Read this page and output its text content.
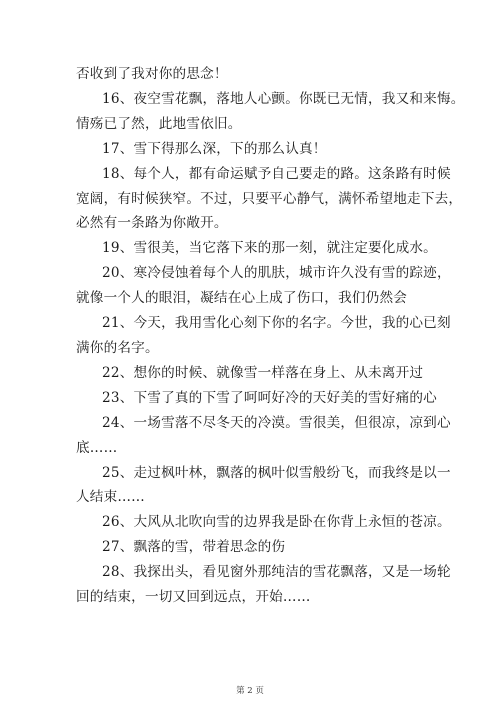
否收到了我对你的思念！
16、夜空雪花飘，落地人心颤。你既已无情，我又和来悔。
情殇已了然，此地雪依旧。
17、雪下得那么深，下的那么认真！
18、每个人，都有命运赋予自己要走的路。这条路有时候
宽阔，有时候狭窄。不过，只要平心静气，满怀希望地走下去，
必然有一条路为你敞开。
19、雪很美，当它落下来的那一刻，就注定要化成水。
20、寒冷侵蚀着每个人的肌肤，城市许久没有雪的踪迹，
就像一个人的眼泪，凝结在心上成了伤口，我们仍然会
21、今天，我用雪化心刻下你的名字。今世，我的心已刻
满你的名字。
22、想你的时候、就像雪一样落在身上、从未离开过
23、下雪了真的下雪了呵呵好冷的天好美的雪好痛的心
24、一场雪落不尽冬天的冷漠。雪很美，但很凉，凉到心
底……
25、走过枫叶林，飘落的枫叶似雪般纷飞，而我终是以一
人结束……
26、大风从北吹向雪的边界我是卧在你背上永恒的苍凉。
27、飘落的雪，带着思念的伤
28、我探出头，看见窗外那纯洁的雪花飘落，又是一场轮
回的结束，一切又回到远点，开始……
第 2 页
